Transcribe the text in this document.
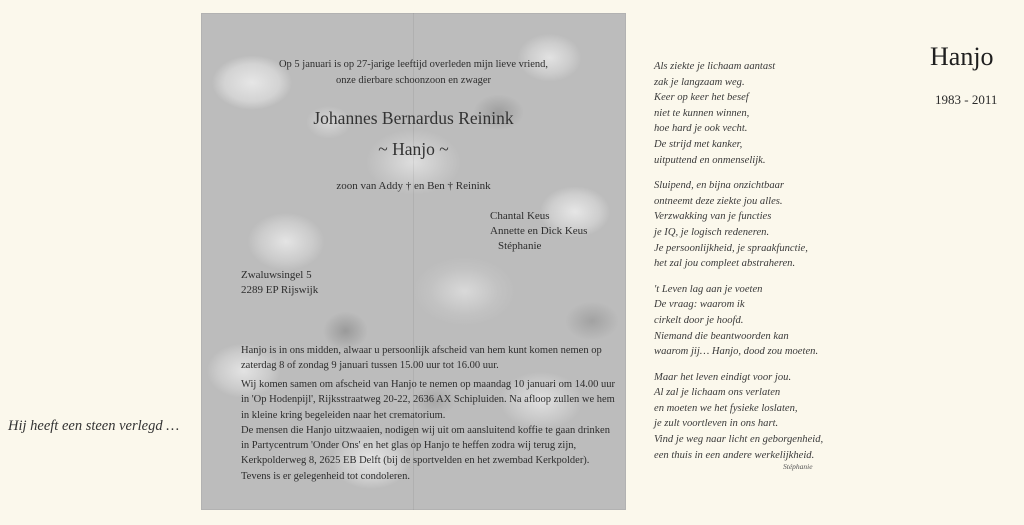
Hij heeft een steen verlegd …
Op 5 januari is op 27-jarige leeftijd overleden mijn lieve vriend,
onze dierbare schoonzoon en zwager
Johannes Bernardus Reinink
~ Hanjo ~
zoon van Addy † en Ben † Reinink
Chantal Keus
Annette en Dick Keus
Stéphanie
Zwaluwsingel 5
2289 EP Rijswijk
Hanjo is in ons midden, alwaar u persoonlijk afscheid van hem kunt komen nemen op
zaterdag 8 of zondag 9 januari tussen 15.00 uur tot 16.00 uur.
Wij komen samen om afscheid van Hanjo te nemen op maandag 10 januari om 14.00 uur
in 'Op Hodenpijl', Rijksstraatweg 20-22, 2636 AX Schipluiden. Na afloop zullen we hem
in kleine kring begeleiden naar het crematorium.
De mensen die Hanjo uitzwaaien, nodigen wij uit om aansluitend koffie te gaan drinken
in Partycentrum 'Onder Ons' en het glas op Hanjo te heffen zodra wij terug zijn,
Kerkpolderweg 8, 2625 EB Delft (bij de sportvelden en het zwembad Kerkpolder).
Tevens is er gelegenheid tot condoleren.
Als ziekte je lichaam aantast
zak je langzaam weg.
Keer op keer het besef
niet te kunnen winnen,
hoe hard je ook vecht.
De strijd met kanker,
uitputtend en onmenselijk.
Sluipend, en bijna onzichtbaar
ontneemt deze ziekte jou alles.
Verzwakking van je functies
je IQ, je logisch redeneren.
Je persoonlijkheid, je spraakfunctie,
het zal jou compleet abstraheren.
't Leven lag aan je voeten
De vraag: waarom ik
cirkelt door je hoofd.
Niemand die beantwoorden kan
waarom jij… Hanjo, dood zou moeten.
Maar het leven eindigt voor jou.
Al zal je lichaam ons verlaten
en moeten we het fysieke loslaten,
je zult voortleven in ons hart.
Vind je weg naar licht en geborgenheid,
een thuis in een andere werkelijkheid.
Stéphanie
Hanjo
1983 - 2011
